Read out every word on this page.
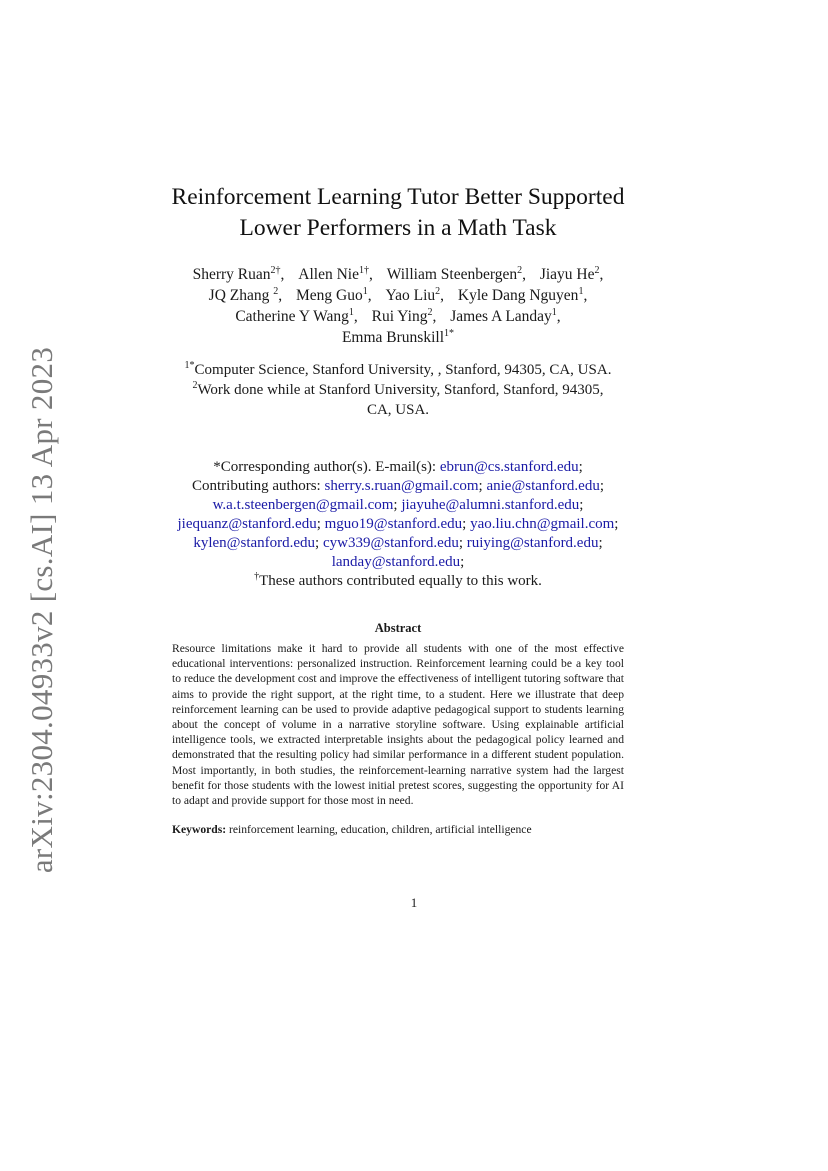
arXiv:2304.04933v2 [cs.AI] 13 Apr 2023
Reinforcement Learning Tutor Better Supported
Lower Performers in a Math Task
Sherry Ruan$^{2\dagger}$, Allen Nie$^{1\dagger}$, William Steenbergen$^2$, Jiayu He$^2$,
JQ Zhang $^2$, Meng Guo$^1$, Yao Liu$^2$, Kyle Dang Nguyen$^1$,
Catherine Y Wang$^1$, Rui Ying$^2$, James A Landay$^1$,
Emma Brunskill$^{1*}$
$^{1*}$Computer Science, Stanford University, , Stanford, 94305, CA, USA.
$^2$Work done while at Stanford University, Stanford, Stanford, 94305,
CA, USA.
*Corresponding author(s). E-mail(s): ebrun@cs.stanford.edu;
Contributing authors: sherry.s.ruan@gmail.com; anie@stanford.edu;
w.a.t.steenbergen@gmail.com; jiayuhe@alumni.stanford.edu;
jiequanz@stanford.edu; mguo19@stanford.edu; yao.liu.chn@gmail.com;
kylen@stanford.edu; cyw339@stanford.edu; ruiying@stanford.edu;
landay@stanford.edu;
†These authors contributed equally to this work.
Abstract

Resource limitations make it hard to provide all students with one of the most effective educational interventions: personalized instruction. Reinforcement learning could be a key tool to reduce the development cost and improve the effectiveness of intelligent tutoring software that aims to provide the right support, at the right time, to a student. Here we illustrate that deep reinforcement learning can be used to provide adaptive pedagogical support to students learning about the concept of volume in a narrative storyline software. Using explainable artificial intelligence tools, we extracted interpretable insights about the pedagogical policy learned and demonstrated that the resulting policy had similar performance in a different student population. Most importantly, in both studies, the reinforcement-learning narrative system had the largest benefit for those students with the lowest initial pretest scores, suggesting the opportunity for AI to adapt and provide support for those most in need.

Keywords: reinforcement learning, education, children, artificial intelligence

1
